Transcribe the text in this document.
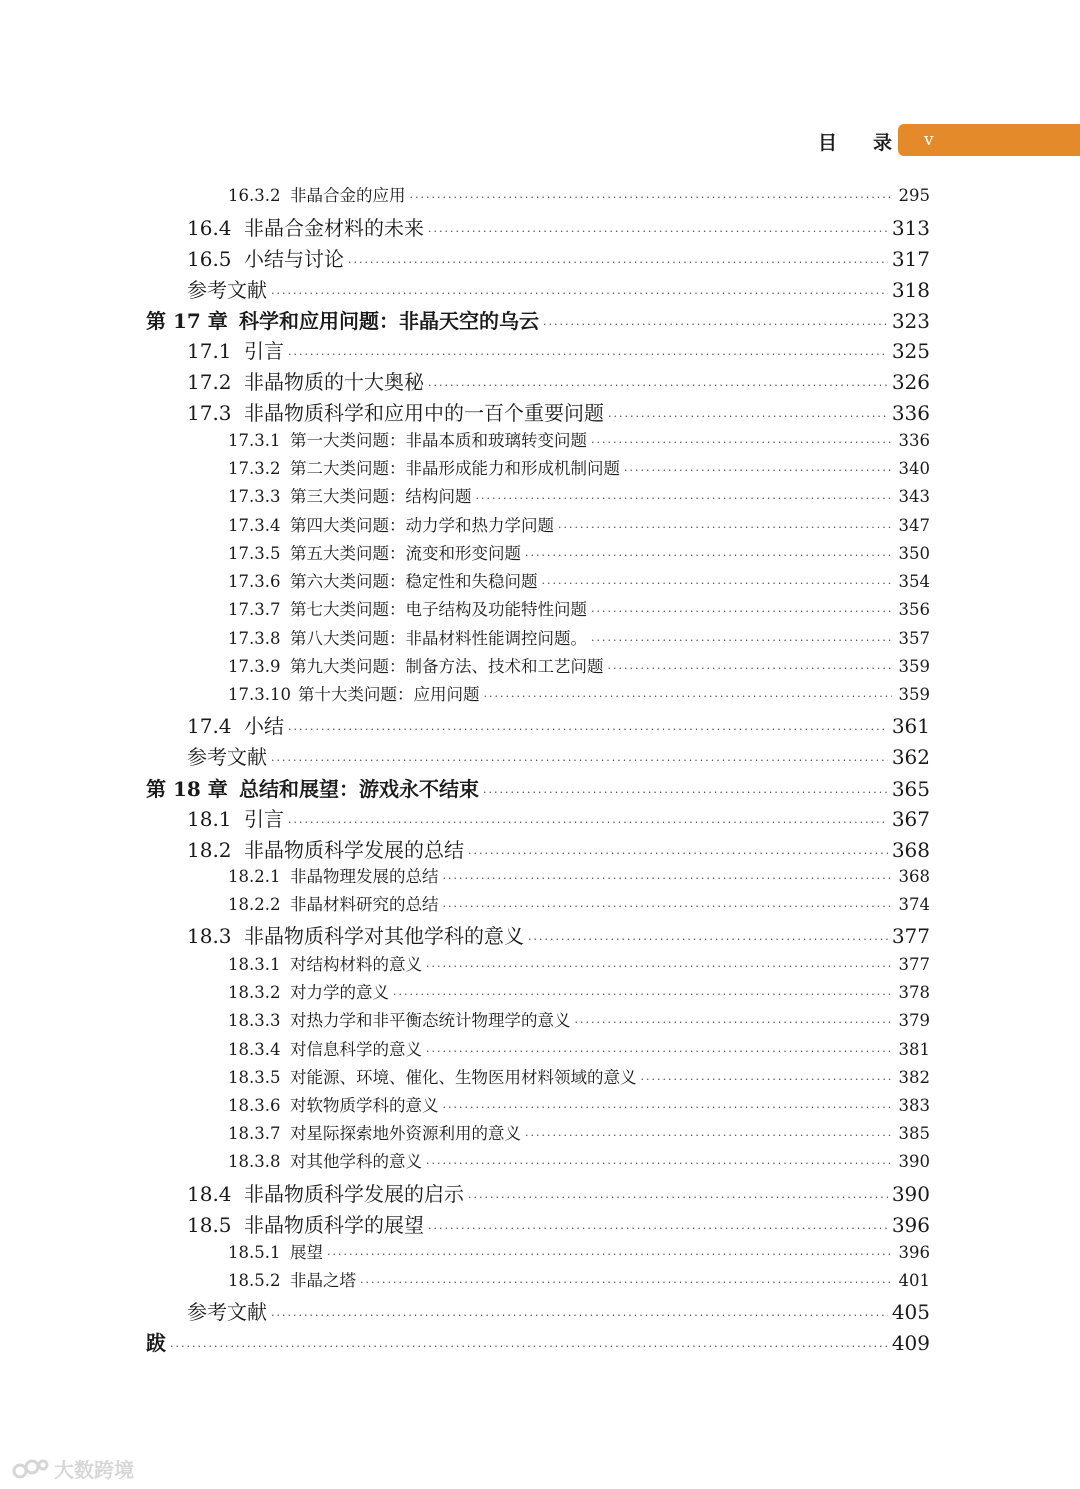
目 录	v
16.3.2 非晶合金的应用 ·····	295
16.4 非晶合金材料的未来 ·····	313
16.5 小结与讨论 ·····	317
参考文献 ·····	318
第 17 章 科学和应用问题：非晶天空的乌云 ·····	323
17.1 引言 ·····	325
17.2 非晶物质的十大奥秘 ·····	326
17.3 非晶物质科学和应用中的一百个重要问题 ·····	336
17.3.1 第一大类问题：非晶本质和玻璃转变问题 ·····	336
17.3.2 第二大类问题：非晶形成能力和形成机制问题 ·····	340
17.3.3 第三大类问题：结构问题 ·····	343
17.3.4 第四大类问题：动力学和热力学问题 ·····	347
17.3.5 第五大类问题：流变和形变问题 ·····	350
17.3.6 第六大类问题：稳定性和失稳问题 ·····	354
17.3.7 第七大类问题：电子结构及功能特性问题 ·····	356
17.3.8 第八大类问题：非晶材料性能调控问题。 ·····	357
17.3.9 第九大类问题：制备方法、技术和工艺问题 ·····	359
17.3.10 第十大类问题：应用问题 ·····	359
17.4 小结 ·····	361
参考文献 ·····	362
第 18 章 总结和展望：游戏永不结束 ·····	365
18.1 引言 ·····	367
18.2 非晶物质科学发展的总结 ·····	368
18.2.1 非晶物理发展的总结 ·····	368
18.2.2 非晶材料研究的总结 ·····	374
18.3 非晶物质科学对其他学科的意义 ·····	377
18.3.1 对结构材料的意义 ·····	377
18.3.2 对力学的意义 ·····	378
18.3.3 对热力学和非平衡态统计物理学的意义 ·····	379
18.3.4 对信息科学的意义 ·····	381
18.3.5 对能源、环境、催化、生物医用材料领域的意义 ·····	382
18.3.6 对软物质学科的意义 ·····	383
18.3.7 对星际探索地外资源利用的意义 ·····	385
18.3.8 对其他学科的意义 ·····	390
18.4 非晶物质科学发展的启示 ·····	390
18.5 非晶物质科学的展望 ·····	396
18.5.1 展望 ·····	396
18.5.2 非晶之塔 ·····	401
参考文献 ·····	405
跋 ·····	409
大数跨境
